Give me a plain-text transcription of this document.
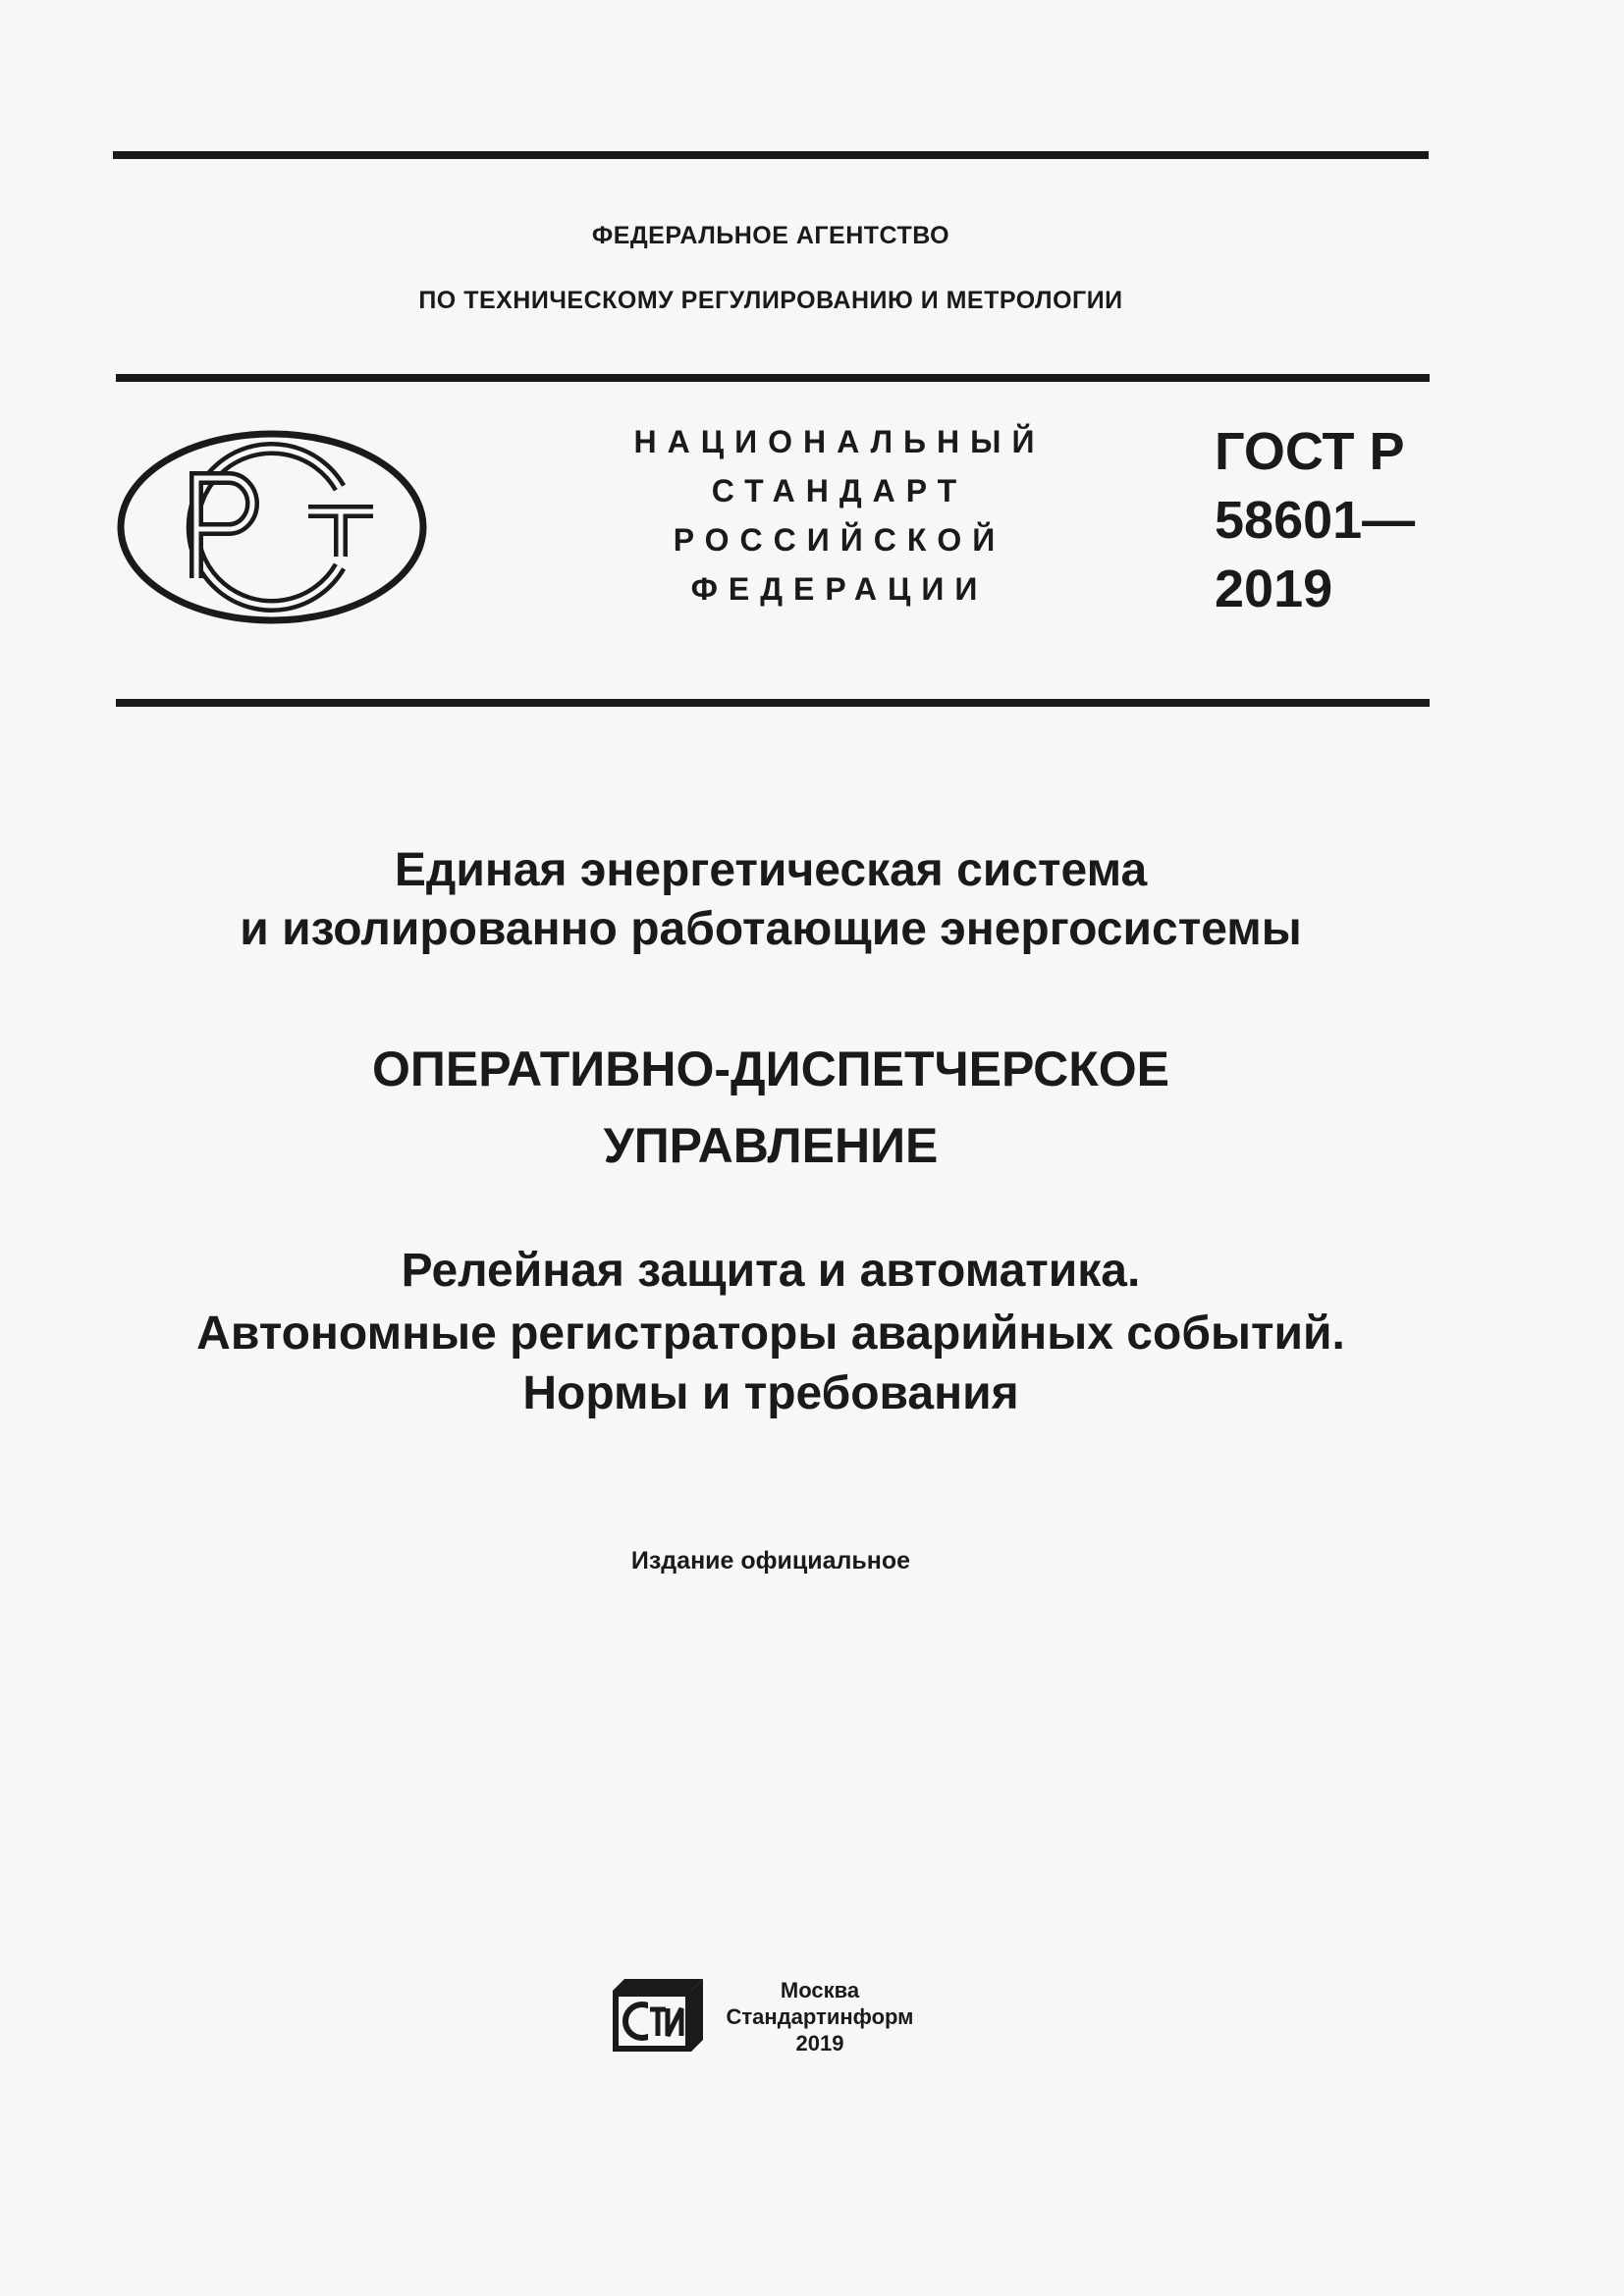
ФЕДЕРАЛЬНОЕ АГЕНТСТВО
ПО ТЕХНИЧЕСКОМУ РЕГУЛИРОВАНИЮ И МЕТРОЛОГИИ
НАЦИОНАЛЬНЫЙ
СТАНДАРТ
РОССИЙСКОЙ
ФЕДЕРАЦИИ
ГОСТ Р
58601—
2019
Единая энергетическая система
и изолированно работающие энергосистемы
ОПЕРАТИВНО-ДИСПЕТЧЕРСКОЕ
УПРАВЛЕНИЕ
Релейная защита и автоматика.
Автономные регистраторы аварийных событий.
Нормы и требования
Издание официальное
Москва
Стандартинформ
2019
